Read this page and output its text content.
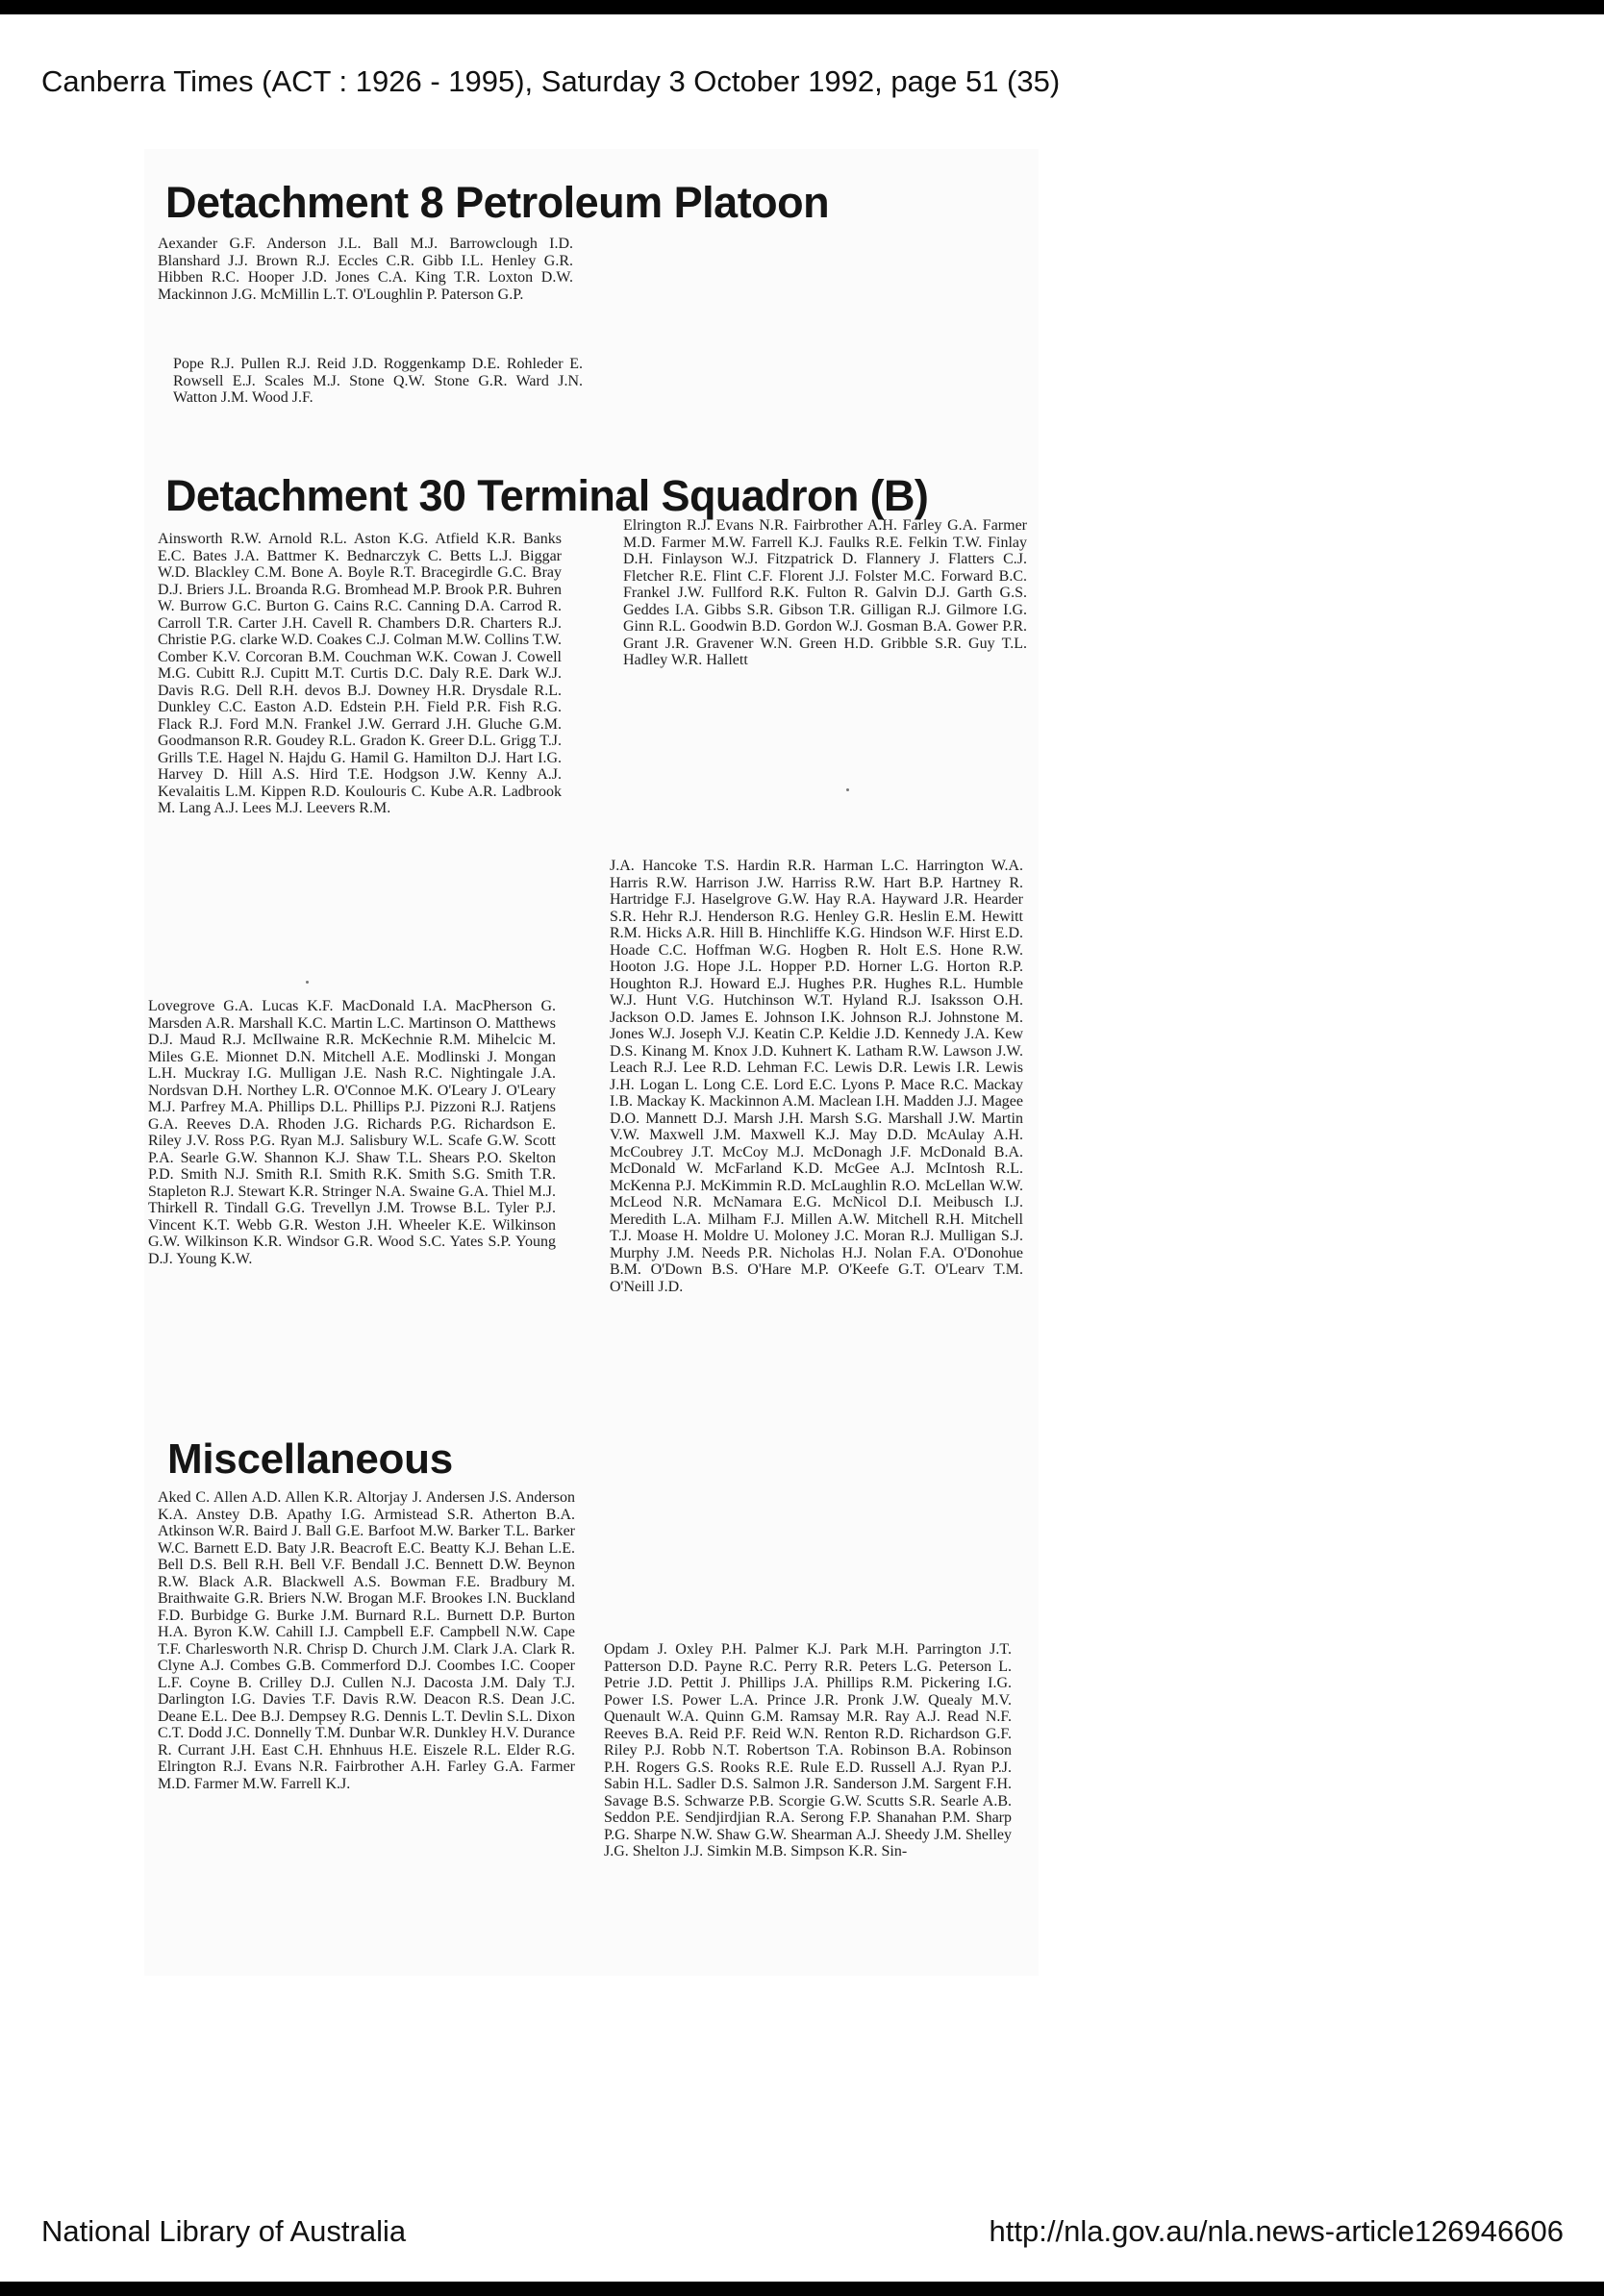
Canberra Times (ACT : 1926 - 1995), Saturday 3 October 1992, page 51 (35)
Detachment 8 Petroleum Platoon
Aexander G.F. Anderson J.L. Ball M.J. Barrowclough I.D. Blanshard J.J. Brown R.J. Eccles C.R. Gibb I.L. Henley G.R. Hibben R.C. Hooper J.D. Jones C.A. King T.R. Loxton D.W. Mackinnon J.G. McMillin L.T. O'Loughlin P. Paterson G.P.
Pope R.J. Pullen R.J. Reid J.D. Roggenkamp D.E. Rohleder E. Rowsell E.J. Scales M.J. Stone Q.W. Stone G.R. Ward J.N. Watton J.M. Wood J.F.
Detachment 30 Terminal Squadron (B)
Ainsworth R.W. Arnold R.L. Aston K.G. Atfield K.R. Banks E.C. Bates J.A. Battmer K. Bednarczyk C. Betts L.J. Biggar W.D. Blackley C.M. Bone A. Boyle R.T. Bracegirdle G.C. Bray D.J. Briers J.L. Broanda R.G. Bromhead M.P. Brook P.R. Buhren W. Burrow G.C. Burton G. Cains R.C. Canning D.A. Carrod R. Carroll T.R. Carter J.H. Cavell R. Chambers D.R. Charters R.J. Christie P.G. clarke W.D. Coakes C.J. Colman M.W. Collins T.W. Comber K.V. Corcoran B.M. Couchman W.K. Cowan J. Cowell M.G. Cubitt R.J. Cupitt M.T. Curtis D.C. Daly R.E. Dark W.J. Davis R.G. Dell R.H. devos B.J. Downey H.R. Drysdale R.L. Dunkley C.C. Easton A.D. Edstein P.H. Field P.R. Fish R.G. Flack R.J. Ford M.N. Frankel J.W. Gerrard J.H. Gluche G.M. Goodmanson R.R. Goudey R.L. Gradon K. Greer D.L. Grigg T.J. Grills T.E. Hagel N. Hajdu G. Hamil G. Hamilton D.J. Hart I.G. Harvey D. Hill A.S. Hird T.E. Hodgson J.W. Kenny A.J. Kevalaitis L.M. Kippen R.D. Koulouris C. Kube A.R. Ladbrook M. Lang A.J. Lees M.J. Leevers R.M.
Elrington R.J. Evans N.R. Fairbrother A.H. Farley G.A. Farmer M.D. Farmer M.W. Farrell K.J. Faulks R.E. Felkin T.W. Finlay D.H. Finlayson W.J. Fitzpatrick D. Flannery J. Flatters C.J. Fletcher R.E. Flint C.F. Florent J.J. Folster M.C. Forward B.C. Frankel J.W. Fullford R.K. Fulton R. Galvin D.J. Garth G.S. Geddes I.A. Gibbs S.R. Gibson T.R. Gilligan R.J. Gilmore I.G. Ginn R.L. Goodwin B.D. Gordon W.J. Gosman B.A. Gower P.R. Grant J.R. Gravener W.N. Green H.D. Gribble S.R. Guy T.L. Hadley W.R. Hallett
J.A. Hancoke T.S. Hardin R.R. Harman L.C. Harrington W.A. Harris R.W. Harrison J.W. Harriss R.W. Hart B.P. Hartney R. Hartridge F.J. Haselgrove G.W. Hay R.A. Hayward J.R. Hearder S.R. Hehr R.J. Henderson R.G. Henley G.R. Heslin E.M. Hewitt R.M. Hicks A.R. Hill B. Hinchliffe K.G. Hindson W.F. Hirst E.D. Hoade C.C. Hoffman W.G. Hogben R. Holt E.S. Hone R.W. Hooton J.G. Hope J.L. Hopper P.D. Horner L.G. Horton R.P. Houghton R.J. Howard E.J. Hughes P.R. Hughes R.L. Humble W.J. Hunt V.G. Hutchinson W.T. Hyland R.J. Isaksson O.H. Jackson O.D. James E. Johnson I.K. Johnson R.J. Johnstone M. Jones W.J. Joseph V.J. Keatin C.P. Keldie J.D. Kennedy J.A. Kew D.S. Kinang M. Knox J.D. Kuhnert K. Latham R.W. Lawson J.W. Leach R.J. Lee R.D. Lehman F.C. Lewis D.R. Lewis I.R. Lewis J.H. Logan L. Long C.E. Lord E.C. Lyons P. Mace R.C. Mackay I.B. Mackay K. Mackinnon A.M. Maclean I.H. Madden J.J. Magee D.O. Mannett D.J. Marsh J.H. Marsh S.G. Marshall J.W. Martin V.W. Maxwell J.M. Maxwell K.J. May D.D. McAulay A.H. McCoubrey J.T. McCoy M.J. McDonagh J.F. McDonald B.A. McDonald W. McFarland K.D. McGee A.J. McIntosh R.L. McKenna P.J. McKimmin R.D. McLaughlin R.O. McLellan W.W. McLeod N.R. McNamara E.G. McNicol D.I. Meibusch I.J. Meredith L.A. Milham F.J. Millen A.W. Mitchell R.H. Mitchell T.J. Moase H. Moldre U. Moloney J.C. Moran R.J. Mulligan S.J. Murphy J.M. Needs P.R. Nicholas H.J. Nolan F.A. O'Donohue B.M. O'Down B.S. O'Hare M.P. O'Keefe G.T. O'Learv T.M. O'Neill J.D.
Lovegrove G.A. Lucas K.F. MacDonald I.A. MacPherson G. Marsden A.R. Marshall K.C. Martin L.C. Martinson O. Matthews D.J. Maud R.J. McIlwaine R.R. McKechnie R.M. Mihelcic M. Miles G.E. Mionnet D.N. Mitchell A.E. Modlinski J. Mongan L.H. Muckray I.G. Mulligan J.E. Nash R.C. Nightingale J.A. Nordsvan D.H. Northey L.R. O'Connoe M.K. O'Leary J. O'Leary M.J. Parfrey M.A. Phillips D.L. Phillips P.J. Pizzoni R.J. Ratjens G.A. Reeves D.A. Rhoden J.G. Richards P.G. Richardson E. Riley J.V. Ross P.G. Ryan M.J. Salisbury W.L. Scafe G.W. Scott P.A. Searle G.W. Shannon K.J. Shaw T.L. Shears P.O. Skelton P.D. Smith N.J. Smith R.I. Smith R.K. Smith S.G. Smith T.R. Stapleton R.J. Stewart K.R. Stringer N.A. Swaine G.A. Thiel M.J. Thirkell R. Tindall G.G. Trevellyn J.M. Trowse B.L. Tyler P.J. Vincent K.T. Webb G.R. Weston J.H. Wheeler K.E. Wilkinson G.W. Wilkinson K.R. Windsor G.R. Wood S.C. Yates S.P. Young D.J. Young K.W.
Miscellaneous
Aked C. Allen A.D. Allen K.R. Altorjay J. Andersen J.S. Anderson K.A. Anstey D.B. Apathy I.G. Armistead S.R. Atherton B.A. Atkinson W.R. Baird J. Ball G.E. Barfoot M.W. Barker T.L. Barker W.C. Barnett E.D. Baty J.R. Beacroft E.C. Beatty K.J. Behan L.E. Bell D.S. Bell R.H. Bell V.F. Bendall J.C. Bennett D.W. Beynon R.W. Black A.R. Blackwell A.S. Bowman F.E. Bradbury M. Braithwaite G.R. Briers N.W. Brogan M.F. Brookes I.N. Buckland F.D. Burbidge G. Burke J.M. Burnard R.L. Burnett D.P. Burton H.A. Byron K.W. Cahill I.J. Campbell E.F. Campbell N.W. Cape T.F. Charlesworth N.R. Chrisp D. Church J.M. Clark J.A. Clark R. Clyne A.J. Combes G.B. Commerford D.J. Coombes I.C. Cooper L.F. Coyne B. Crilley D.J. Cullen N.J. Dacosta J.M. Daly T.J. Darlington I.G. Davies T.F. Davis R.W. Deacon R.S. Dean J.C. Deane E.L. Dee B.J. Dempsey R.G. Dennis L.T. Devlin S.L. Dixon C.T. Dodd J.C. Donnelly T.M. Dunbar W.R. Dunkley H.V. Durance R. Currant J.H. East C.H. Ehnhuus H.E. Eiszele R.L. Elder R.G. Elrington R.J. Evans N.R. Fairbrother A.H. Farley G.A. Farmer M.D. Farmer M.W. Farrell K.J.
Opdam J. Oxley P.H. Palmer K.J. Park M.H. Parrington J.T. Patterson D.D. Payne R.C. Perry R.R. Peters L.G. Peterson L. Petrie J.D. Pettit J. Phillips J.A. Phillips R.M. Pickering I.G. Power I.S. Power L.A. Prince J.R. Pronk J.W. Quealy M.V. Quenault W.A. Quinn G.M. Ramsay M.R. Ray A.J. Read N.F. Reeves B.A. Reid P.F. Reid W.N. Renton R.D. Richardson G.F. Riley P.J. Robb N.T. Robertson T.A. Robinson B.A. Robinson P.H. Rogers G.S. Rooks R.E. Rule E.D. Russell A.J. Ryan P.J. Sabin H.L. Sadler D.S. Salmon J.R. Sanderson J.M. Sargent F.H. Savage B.S. Schwarze P.B. Scorgie G.W. Scutts S.R. Searle A.B. Seddon P.E. Sendjirdjian R.A. Serong F.P. Shanahan P.M. Sharp P.G. Sharpe N.W. Shaw G.W. Shearman A.J. Sheedy J.M. Shelley J.G. Shelton J.J. Simkin M.B. Simpson K.R. Sin-
National Library of Australia	http://nla.gov.au/nla.news-article126946606
